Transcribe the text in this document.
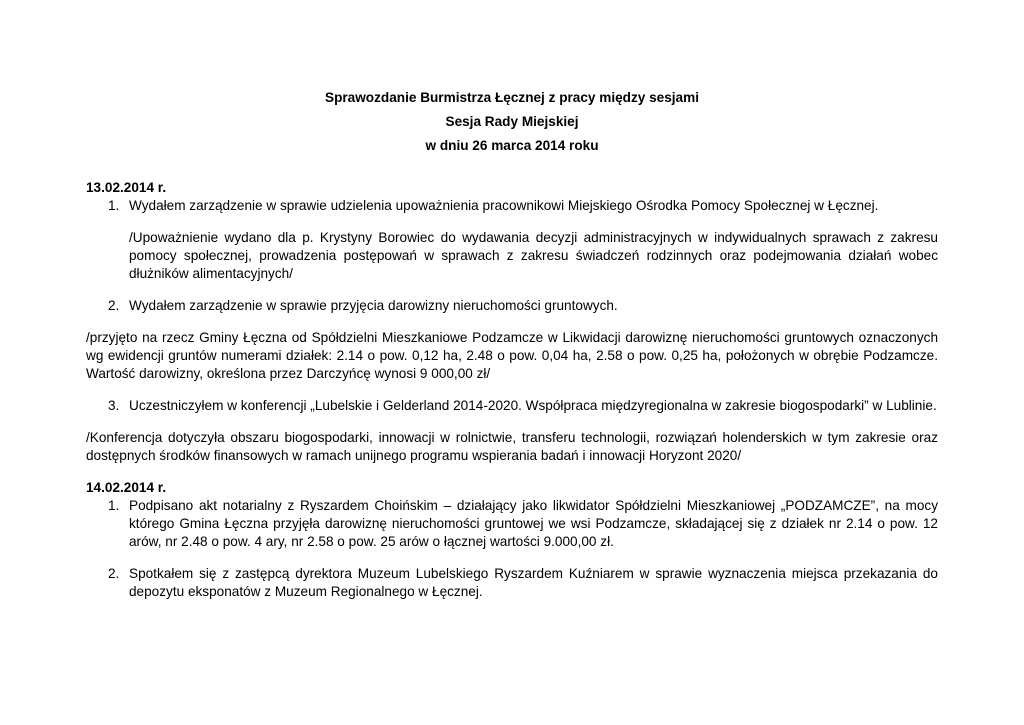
Sprawozdanie Burmistrza Łęcznej z pracy między sesjami
Sesja Rady Miejskiej
w dniu 26 marca 2014 roku
13.02.2014 r.
1. Wydałem zarządzenie w sprawie udzielenia upoważnienia pracownikowi Miejskiego Ośrodka Pomocy Społecznej w Łęcznej.
/Upoważnienie wydano dla p. Krystyny Borowiec do wydawania decyzji administracyjnych w indywidualnych sprawach z zakresu pomocy społecznej, prowadzenia postępowań w sprawach z zakresu świadczeń rodzinnych oraz podejmowania działań wobec dłużników alimentacyjnych/
2. Wydałem zarządzenie w sprawie przyjęcia darowizny nieruchomości gruntowych.
/przyjęto na rzecz Gminy Łęczna od Spółdzielni Mieszkaniowe Podzamcze w Likwidacji darowiznę nieruchomości gruntowych oznaczonych wg ewidencji gruntów numerami działek: 2.14 o pow. 0,12 ha, 2.48 o pow. 0,04 ha, 2.58 o pow. 0,25 ha, położonych w obrębie Podzamcze. Wartość darowizny, określona przez Darczyńcę wynosi 9 000,00 zł/
3. Uczestniczyłem w konferencji „Lubelskie i Gelderland 2014-2020. Współpraca międzyregionalna w zakresie biogospodarki” w Lublinie.
/Konferencja dotyczyła obszaru biogospodarki, innowacji w rolnictwie, transferu technologii, rozwiązań holenderskich w tym zakresie oraz dostępnych środków finansowych w ramach unijnego programu wspierania badań i innowacji Horyzont 2020/
14.02.2014 r.
1. Podpisano akt notarialny z Ryszardem Choińskim – działający jako likwidator Spółdzielni Mieszkaniowej „PODZAMCZE”, na mocy którego Gmina Łęczna przyjęła darowiznę nieruchomości gruntowej we wsi Podzamcze, składającej się z działek nr 2.14 o pow. 12 arów, nr 2.48 o pow. 4 ary, nr 2.58 o pow. 25 arów o łącznej wartości 9.000,00 zł.
2. Spotkałem się z zastępcą dyrektora Muzeum Lubelskiego Ryszardem Kuźniarem w sprawie wyznaczenia miejsca przekazania do depozytu eksponatów z Muzeum Regionalnego w Łęcznej.
